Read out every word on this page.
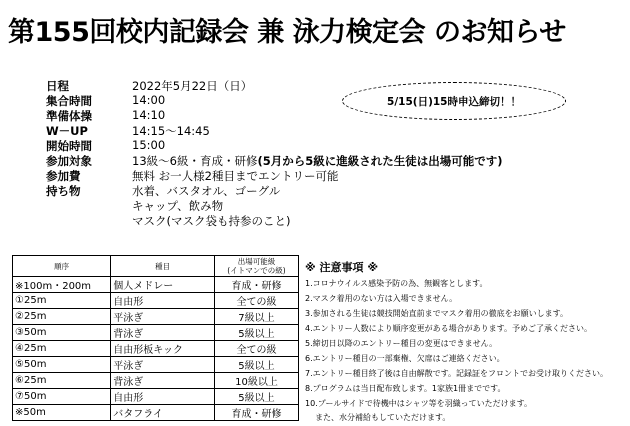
第155回校内記録会 兼 泳力検定会 のお知らせ
日程	2022年5月22日（日）
集合時間	14:00
準備体操	14:10
W－UP	14:15～14:45
開始時間	15:00
参加対象	13級～6級・育成・研修(5月から5級に進級された生徒は出場可能です)
参加費	無料 お一人様2種目までエントリー可能
持ち物	水着、バスタオル、ゴーグル
キャップ、飲み物
マスク(マスク袋も持参のこと)
5/15(日)15時申込締切！！
順序	種目	出場可能級
(イトマンでの級)
※100m・200m	個人メドレー	育成・研修
①25m	自由形	全ての級
②25m	平泳ぎ	7級以上
③50m	背泳ぎ	5級以上
④25m	自由形板キック	全ての級
⑤50m	平泳ぎ	5級以上
⑥25m	背泳ぎ	10級以上
⑦50m	自由形	5級以上
※50m	バタフライ	育成・研修
※ 注意事項 ※
1.コロナウイルス感染予防の為、無観客とします。
2.マスク着用のない方は入場できません。
3.参加される生徒は競技開始直前までマスク着用の徹底をお願いします。
4.エントリー人数により順序変更がある場合があります。予めご了承ください。
5.締切日以降のエントリー種目の変更はできません。
6.エントリー種目の一部棄権、欠席はご連絡ください。
7.エントリー種目終了後は自由解散です。記録証をフロントでお受け取りください。
8.プログラムは当日配布致します。1家族1冊までです。
10.プールサイドで待機中はシャツ等を羽織っていただけます。
また、水分補給もしていただけます。
